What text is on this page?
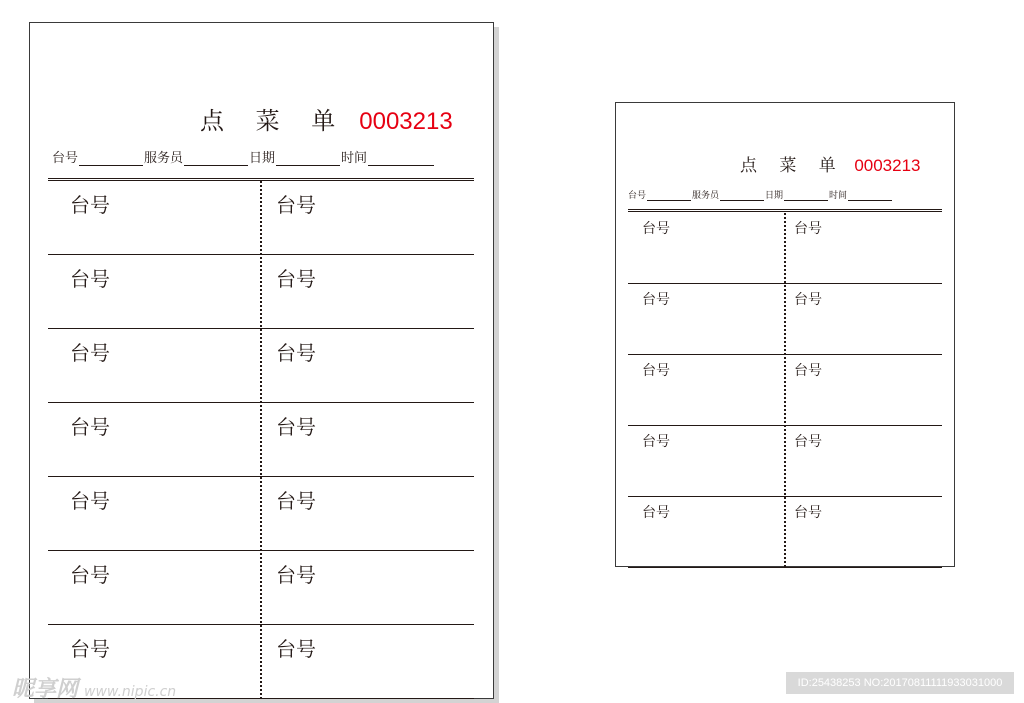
点 菜 单 0003213
台号	服务员	日期	时间
台号	台号
台号	台号
台号	台号
台号	台号
台号	台号
台号	台号
台号	台号
点 菜 单 0003213
台号	服务员	日期	时间
台号	台号
台号	台号
台号	台号
台号	台号
台号	台号
昵享网 www.nipic.cn
ID:25438253 NO:20170811111933031000
